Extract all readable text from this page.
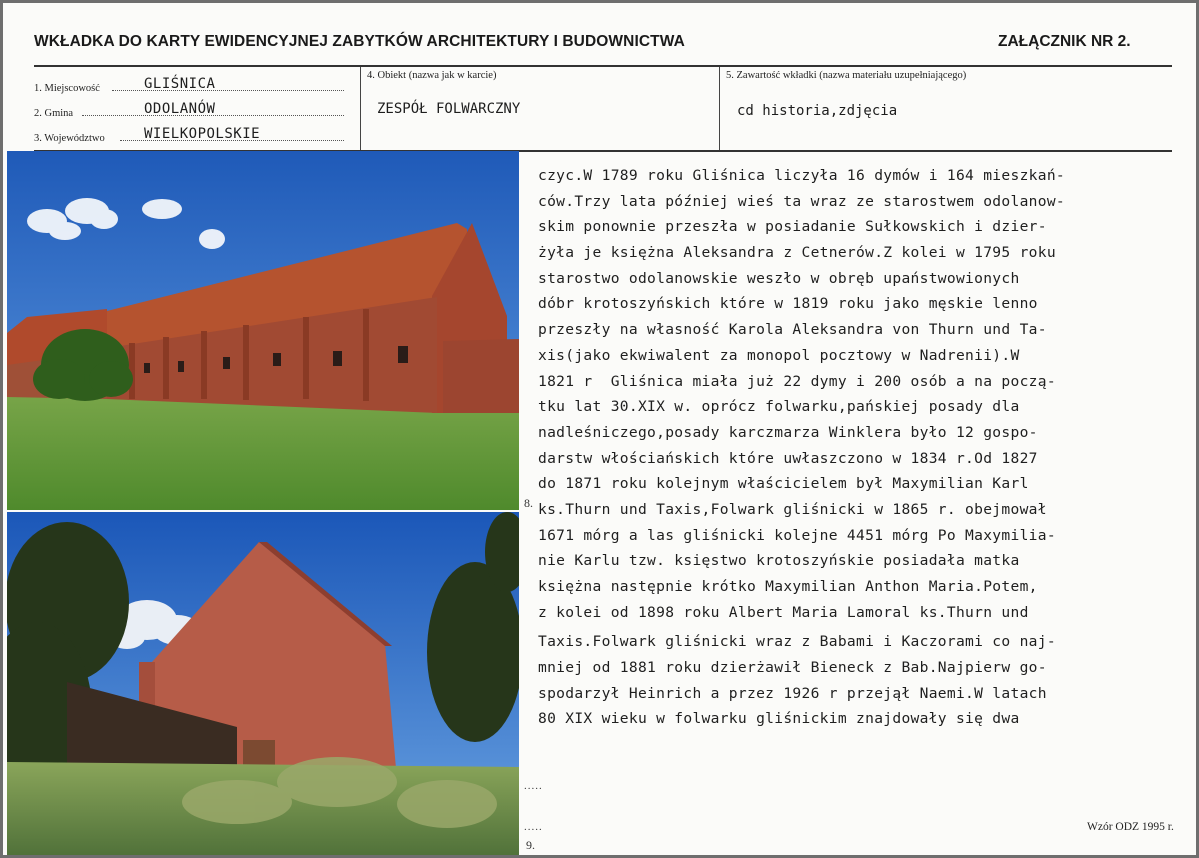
WKŁADKA DO KARTY EWIDENCYJNEJ ZABYTKÓW ARCHITEKTURY I BUDOWNICTWA	ZAŁĄCZNIK NR 2.
1. Miejscowość	GLIŚNICA
2. Gmina	ODOLANÓW
3. Województwo	WIELKOPOLSKIE
4. Obiekt (nazwa jak w karcie)
ZESPÓŁ FOLWARCZNY
5. Zawartość wkładki (nazwa materiału uzupełniającego)
cd historia,zdjęcia
czyc.W 1789 roku Gliśnica liczyła 16 dymów i 164 mieszkań-
ców.Trzy lata później wieś ta wraz ze starostwem odolanow-
skim ponownie przeszła w posiadanie Sułkowskich i dzier-
żyła je księżna Aleksandra z Cetnerów.Z kolei w 1795 roku
starostwo odolanowskie weszło w obręb upaństwowionych
dóbr krotoszyńskich które w 1819 roku jako męskie lenno
przeszły na własność Karola Aleksandra von Thurn und Ta-
xis(jako ekwiwalent za monopol pocztowy w Nadrenii).W
1821 r  Gliśnica miała już 22 dymy i 200 osób a na począ-
tku lat 30.XIX w. oprócz folwarku,pańskiej posady dla
nadleśniczego,posady karczmarza Winklera było 12 gospo-
darstw włościańskich które uwłaszczono w 1834 r.Od 1827
do 1871 roku kolejnym właścicielem był Maxymilian Karl
ks.Thurn und Taxis,Folwark gliśnicki w 1865 r. obejmował
1671 mórg a las gliśnicki kolejne 4451 mórg Po Maxymilia-
nie Karlu tzw. księstwo krotoszyńskie posiadała matka
księżna następnie krótko Maxymilian Anthon Maria.Potem,
z kolei od 1898 roku Albert Maria Lamoral ks.Thurn und
Taxis.Folwark gliśnicki wraz z Babami i Kaczorami co naj-
mniej od 1881 roku dzierżawił Bieneck z Bab.Najpierw go-
spodarzył Heinrich a przez 1926 r przejął Naemi.W latach
80 XIX wieku w folwarku gliśnickim znajdowały się dwa
8.
9.
.....
.....	Wzór ODZ 1995 r.
